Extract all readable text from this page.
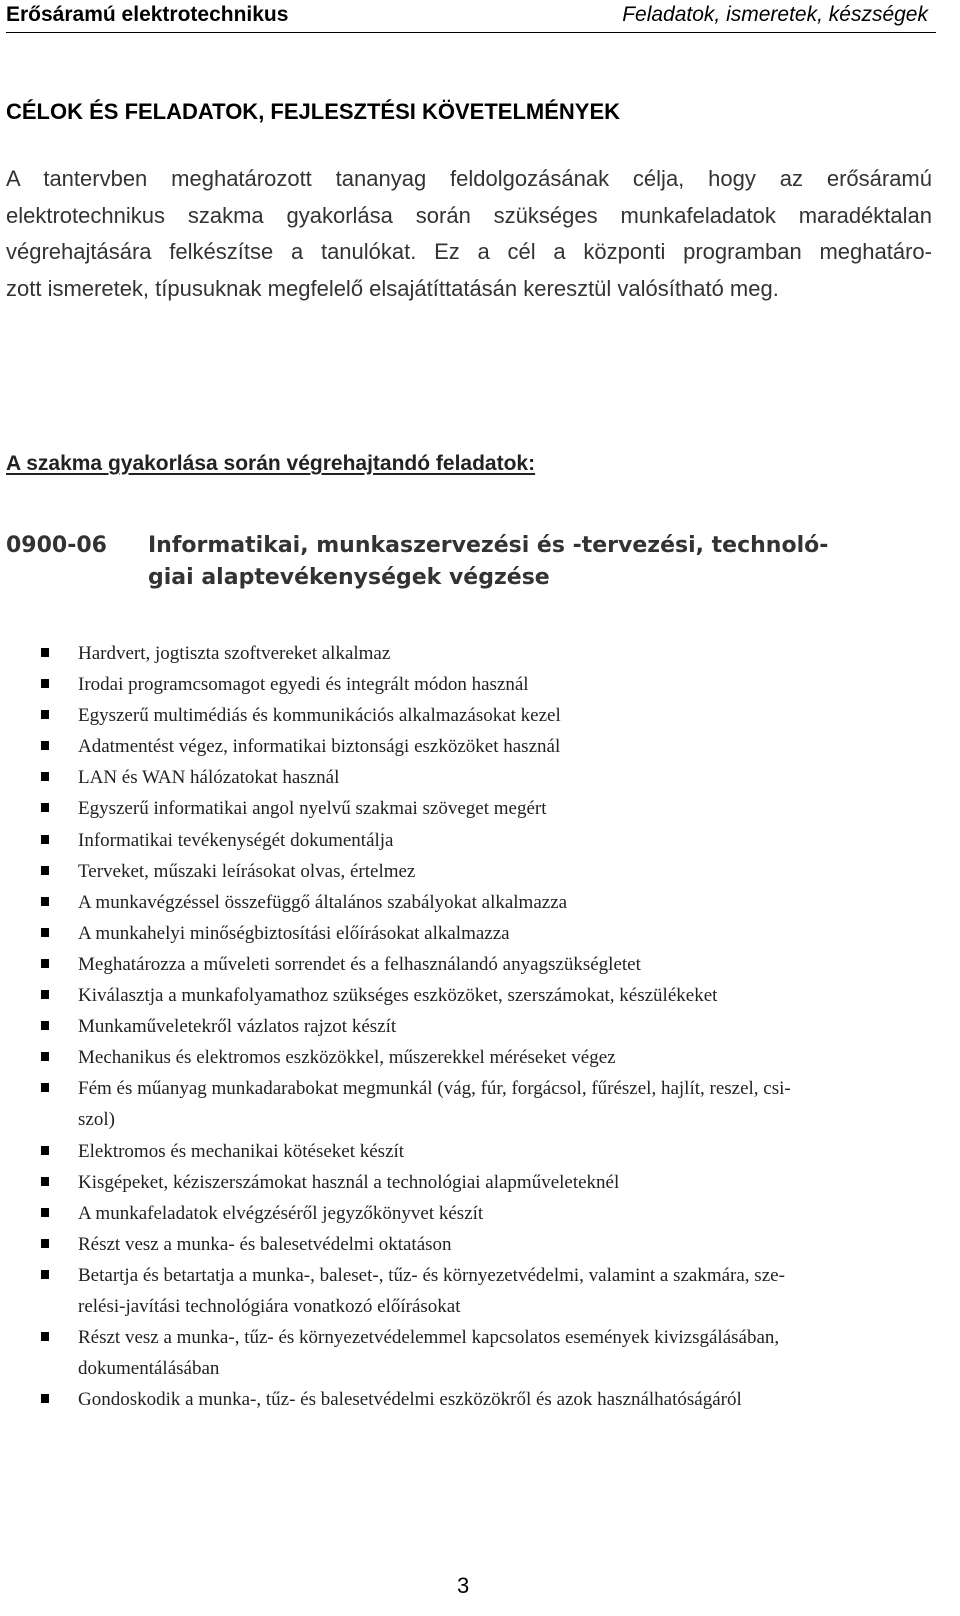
Erősáramú elektrotechnikus	Feladatok, ismeretek, készségek
CÉLOK ÉS FELADATOK, FEJLESZTÉSI KÖVETELMÉNYEK
A tantervben meghatározott tananyag feldolgozásának célja, hogy az erősáramú
elektrotechnikus szakma gyakorlása során szükséges munkafeladatok maradéktalan
végrehajtására felkészítse a tanulókat. Ez a cél a központi programban meghatáro-
zott ismeretek, típusuknak megfelelő elsajátíttatásán keresztül valósítható meg.
A szakma gyakorlása során végrehajtandó feladatok:
0900-06 Informatikai, munkaszervezési és -tervezési, technoló-
giai alaptevékenységek végzése
Hardvert, jogtiszta szoftvereket alkalmaz
Irodai programcsomagot egyedi és integrált módon használ
Egyszerű multimédiás és kommunikációs alkalmazásokat kezel
Adatmentést végez, informatikai biztonsági eszközöket használ
LAN és WAN hálózatokat használ
Egyszerű informatikai angol nyelvű szakmai szöveget megért
Informatikai tevékenységét dokumentálja
Terveket, műszaki leírásokat olvas, értelmez
A munkavégzéssel összefüggő általános szabályokat alkalmazza
A munkahelyi minőségbiztosítási előírásokat alkalmazza
Meghatározza a műveleti sorrendet és a felhasználandó anyagszükségletet
Kiválasztja a munkafolyamathoz szükséges eszközöket, szerszámokat, készülékeket
Munkaműveletekről vázlatos rajzot készít
Mechanikus és elektromos eszközökkel, műszerekkel méréseket végez
Fém és műanyag munkadarabokat megmunkál (vág, fúr, forgácsol, fűrészel, hajlít, reszel, csi-
szol)
Elektromos és mechanikai kötéseket készít
Kisgépeket, kéziszerszámokat használ a technológiai alapműveleteknél
A munkafeladatok elvégzéséről jegyzőkönyvet készít
Részt vesz a munka- és balesetvédelmi oktatáson
Betartja és betartatja a munka-, baleset-, tűz- és környezetvédelmi, valamint a szakmára, sze-
relési-javítási technológiára vonatkozó előírásokat
Részt vesz a munka-, tűz- és környezetvédelemmel kapcsolatos események kivizsgálásában,
dokumentálásában
Gondoskodik a munka-, tűz- és balesetvédelmi eszközökről és azok használhatóságáról
3
